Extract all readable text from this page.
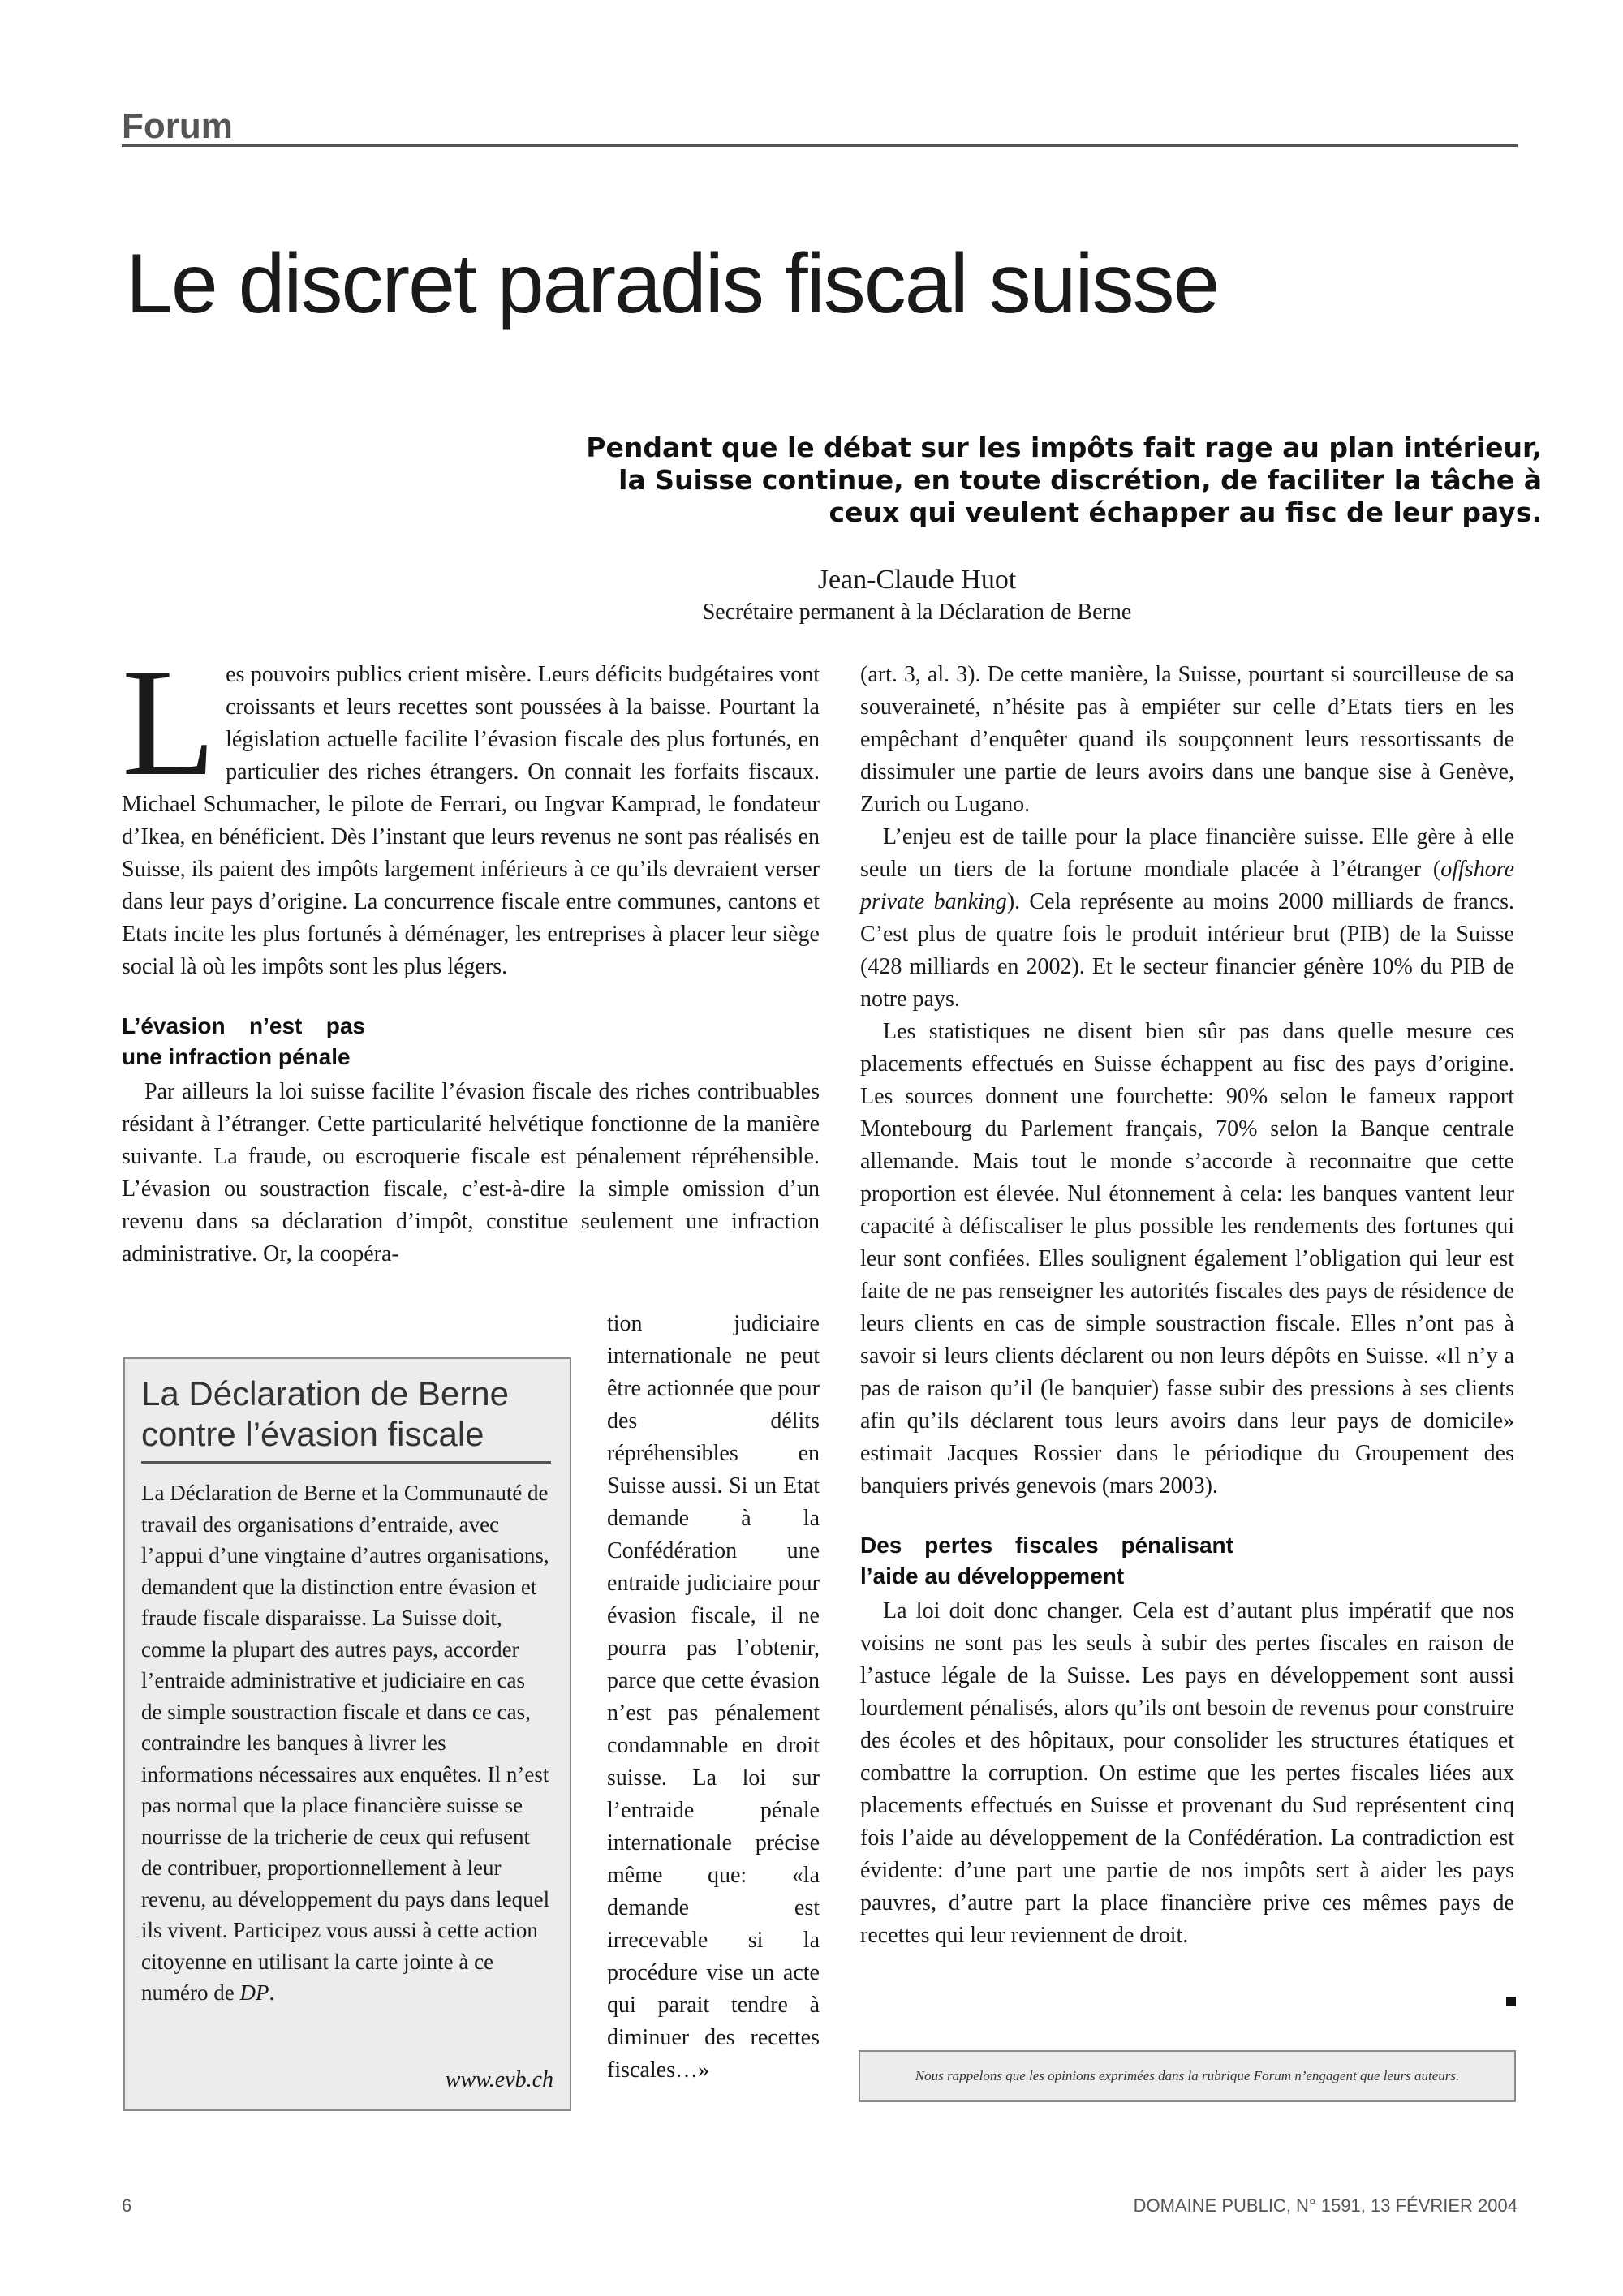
Forum
Le discret paradis fiscal suisse
Pendant que le débat sur les impôts fait rage au plan intérieur, la Suisse continue, en toute discrétion, de faciliter la tâche à ceux qui veulent échapper au fisc de leur pays.
Jean-Claude Huot
Secrétaire permanent à la Déclaration de Berne

Les pouvoirs publics crient misère. Leurs déficits budgétaires vont croissants et leurs recettes sont poussées à la baisse. Pourtant la législation actuelle facilite l’évasion fiscale des plus fortunés, en particulier des riches étrangers. On connait les forfaits fiscaux. Michael Schumacher, le pilote de Ferrari, ou Ingvar Kamprad, le fondateur d’Ikea, en bénéficient. Dès l’instant que leurs revenus ne sont pas réalisés en Suisse, ils paient des impôts largement inférieurs à ce qu’ils devraient verser dans leur pays d’origine. La concurrence fiscale entre communes, cantons et Etats incite les plus fortunés à déménager, les entreprises à placer leur siège social là où les impôts sont les plus légers.

L’évasion n’est pas une infraction pénale

Par ailleurs la loi suisse facilite l’évasion fiscale des riches contribuables résidant à l’étranger. Cette particularité helvétique fonctionne de la manière suivante. La fraude, ou escroquerie fiscale est pénalement répréhensible. L’évasion ou soustraction fiscale, c’est-à-dire la simple omission d’un revenu dans sa déclaration d’impôt, constitue seulement une infraction administrative. Or, la coopéra-

tion judiciaire internationale ne peut être actionnée que pour des délits répréhensibles en Suisse aussi. Si un Etat demande à la Confédération une entraide judiciaire pour évasion fiscale, il ne pourra pas l’obtenir, parce que cette évasion n’est pas pénalement condamnable en droit suisse. La loi sur l’entraide pénale internationale précise même que: «la demande est irrecevable si la procédure vise un acte qui parait tendre à diminuer des recettes fiscales…»

La Déclaration de Berne
contre l’évasion fiscale
La Déclaration de Berne et la Communauté de travail des organisations d’entraide, avec l’appui d’une vingtaine d’autres organisations, demandent que la distinction entre évasion et fraude fiscale disparaisse. La Suisse doit, comme la plupart des autres pays, accorder l’entraide administrative et judiciaire en cas de simple soustraction fiscale et dans ce cas, contraindre les banques à livrer les informations nécessaires aux enquêtes. Il n’est pas normal que la place financière suisse se nourrisse de la tricherie de ceux qui refusent de contribuer, proportionnellement à leur revenu, au développement du pays dans lequel ils vivent. Participez vous aussi à cette action citoyenne en utilisant la carte jointe à ce numéro de DP.
www.evb.ch

(art. 3, al. 3). De cette manière, la Suisse, pourtant si sourcilleuse de sa souveraineté, n’hésite pas à empiéter sur celle d’Etats tiers en les empêchant d’enquêter quand ils soupçonnent leurs ressortissants de dissimuler une partie de leurs avoirs dans une banque sise à Genève, Zurich ou Lugano.

L’enjeu est de taille pour la place financière suisse. Elle gère à elle seule un tiers de la fortune mondiale placée à l’étranger (offshore private banking). Cela représente au moins 2000 milliards de francs. C’est plus de quatre fois le produit intérieur brut (PIB) de la Suisse (428 milliards en 2002). Et le secteur financier génère 10% du PIB de notre pays.

Les statistiques ne disent bien sûr pas dans quelle mesure ces placements effectués en Suisse échappent au fisc des pays d’origine. Les sources donnent une fourchette: 90% selon le fameux rapport Montebourg du Parlement français, 70% selon la Banque centrale allemande. Mais tout le monde s’accorde à reconnaitre que cette proportion est élevée. Nul étonnement à cela: les banques vantent leur capacité à défiscaliser le plus possible les rendements des fortunes qui leur sont confiées. Elles soulignent également l’obligation qui leur est faite de ne pas renseigner les autorités fiscales des pays de résidence de leurs clients en cas de simple soustraction fiscale. Elles n’ont pas à savoir si leurs clients déclarent ou non leurs dépôts en Suisse. «Il n’y a pas de raison qu’il (le banquier) fasse subir des pressions à ses clients afin qu’ils déclarent tous leurs avoirs dans leur pays de domicile» estimait Jacques Rossier dans le périodique du Groupement des banquiers privés genevois (mars 2003).

Des pertes fiscales pénalisant l’aide au développement

La loi doit donc changer. Cela est d’autant plus impératif que nos voisins ne sont pas les seuls à subir des pertes fiscales en raison de l’astuce légale de la Suisse. Les pays en développement sont aussi lourdement pénalisés, alors qu’ils ont besoin de revenus pour construire des écoles et des hôpitaux, pour consolider les structures étatiques et combattre la corruption. On estime que les pertes fiscales liées aux placements effectués en Suisse et provenant du Sud représentent cinq fois l’aide au développement de la Confédération. La contradiction est évidente: d’une part une partie de nos impôts sert à aider les pays pauvres, d’autre part la place financière prive ces mêmes pays de recettes qui leur reviennent de droit.

Nous rappelons que les opinions exprimées dans la rubrique Forum n’engagent que leurs auteurs.
6	DOMAINE PUBLIC, N° 1591, 13 FÉVRIER 2004
